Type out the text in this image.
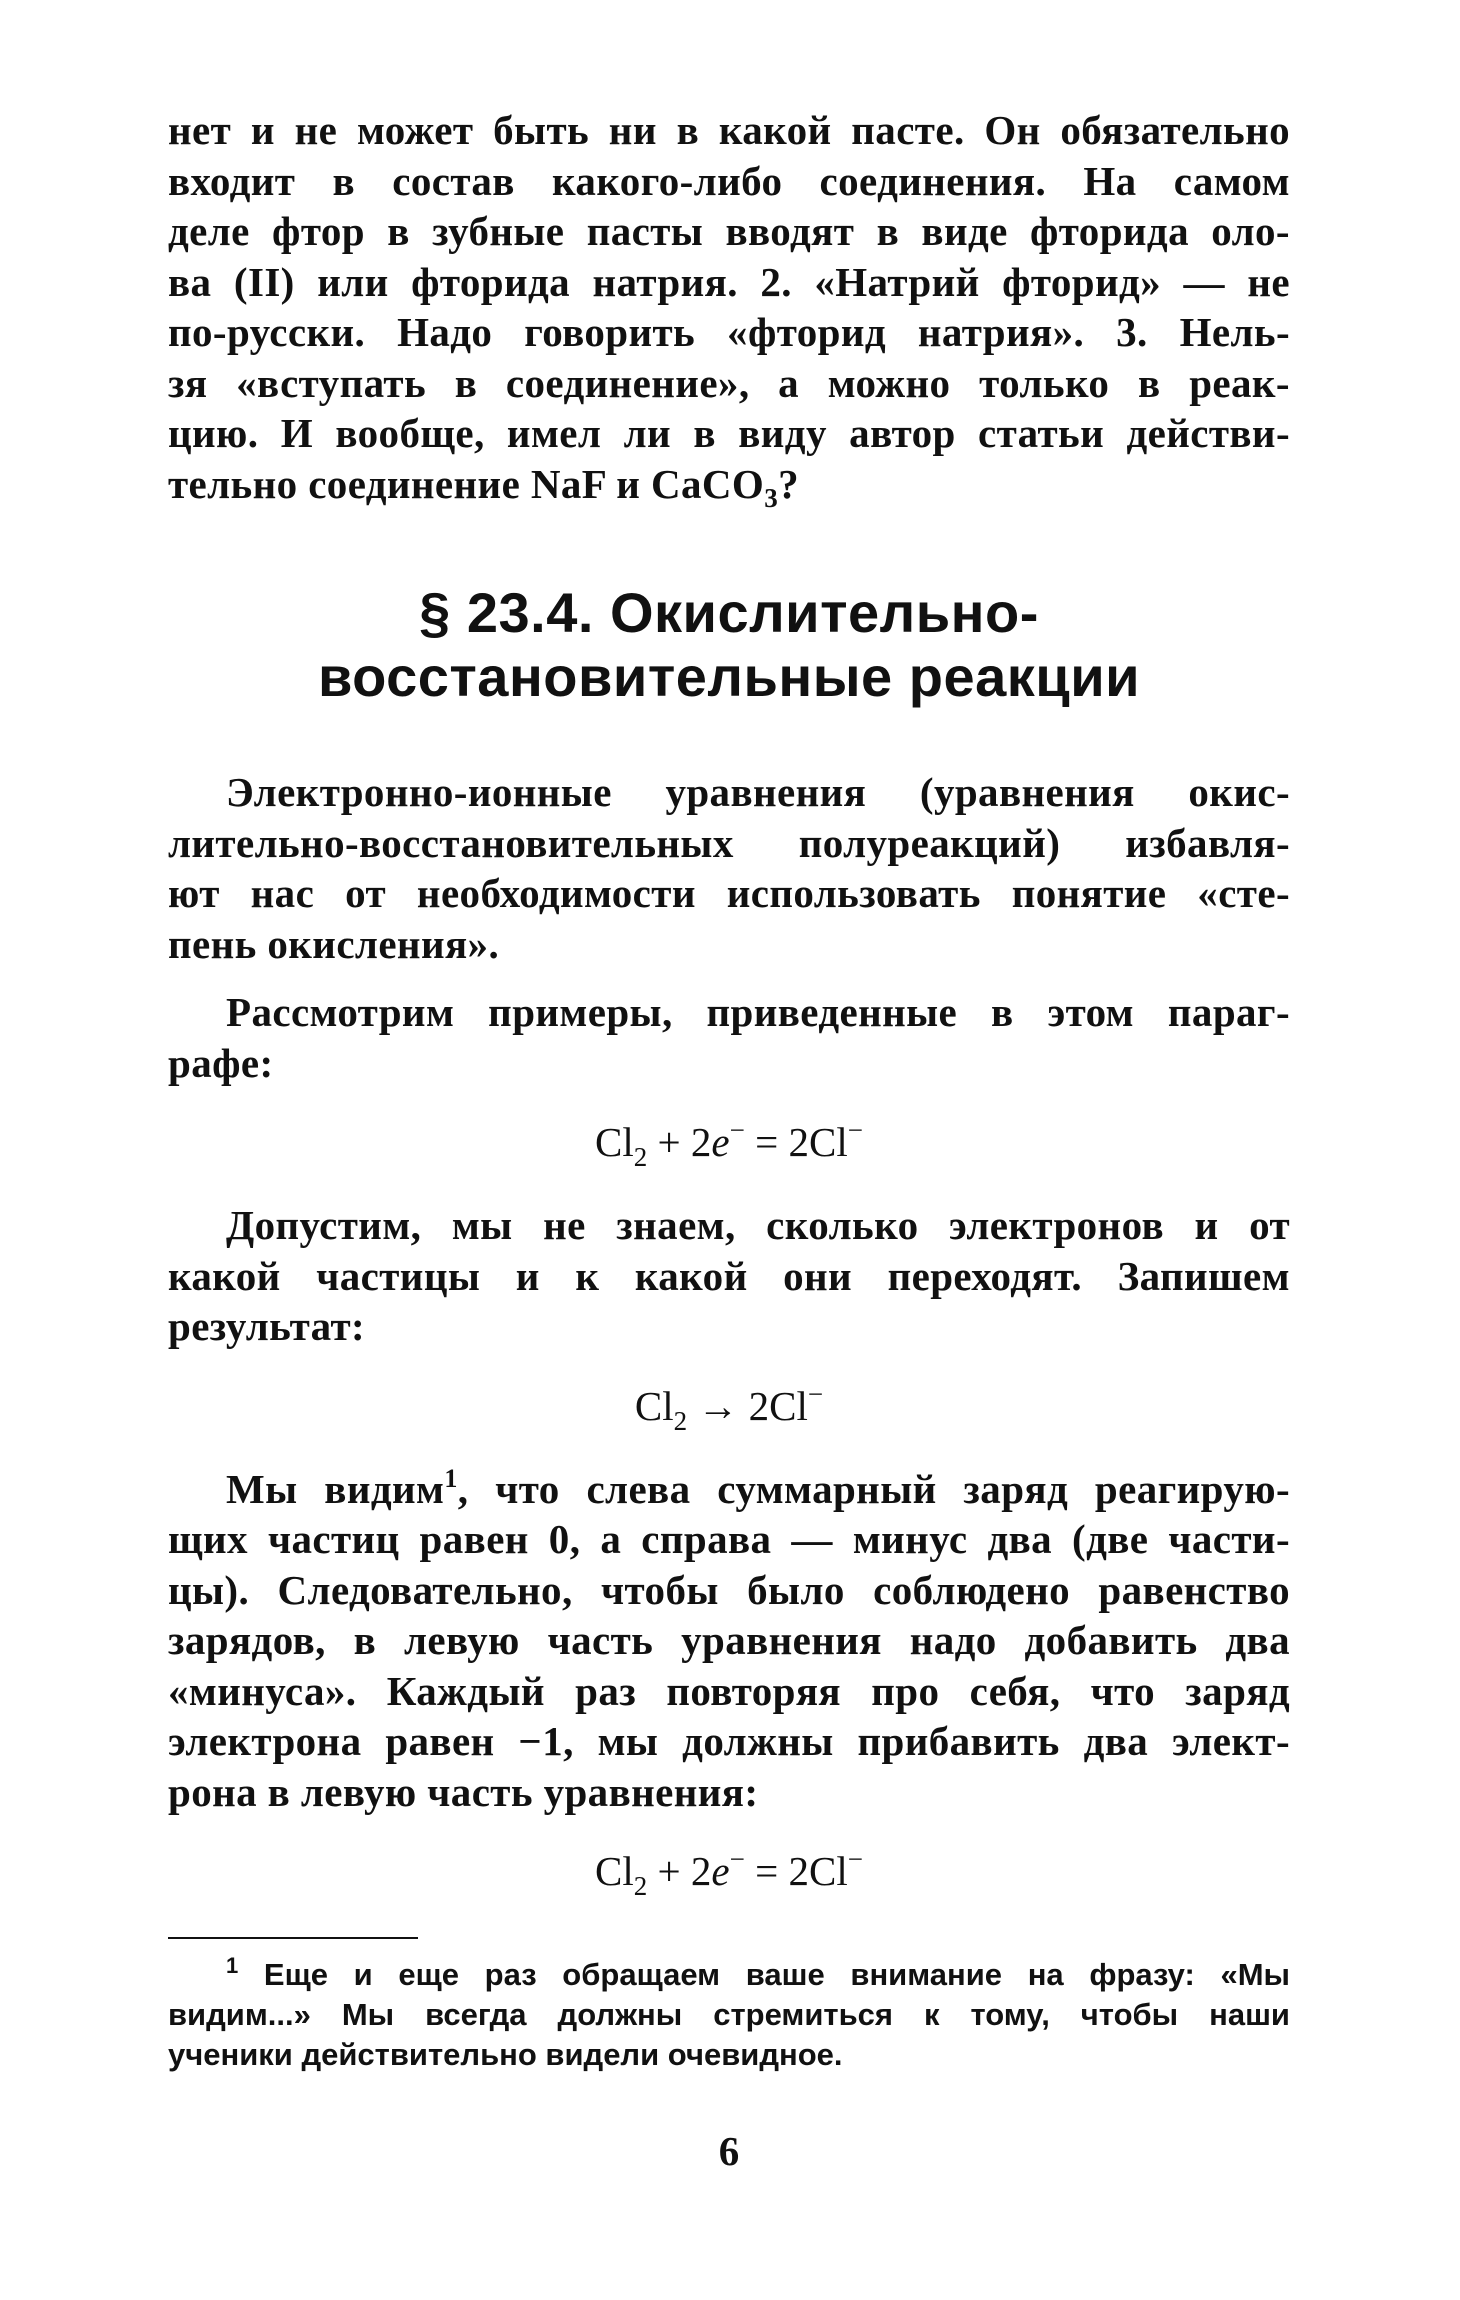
нет и не может быть ни в какой пасте. Он обязательно
входит в состав какого-либо соединения. На самом
деле фтор в зубные пасты вводят в виде фторида оло-
ва (II) или фторида натрия. 2. «Натрий фторид» — не
по-русски. Надо говорить «фторид натрия». 3. Нель-
зя «вступать в соединение», а можно только в реак-
цию. И вообще, имел ли в виду автор статьи действи-
тельно соединение NaF и CaCO$_3$?

§ 23.4. Окислительно-
восстановительные реакции

Электронно-ионные уравнения (уравнения окис-
лительно-восстановительных полуреакций) избавля-
ют нас от необходимости использовать понятие «сте-
пень окисления».

Рассмотрим примеры, приведенные в этом параг-
рафе:

$Cl_2 + 2e^- = 2Cl^-$

Допустим, мы не знаем, сколько электронов и от
какой частицы и к какой они переходят. Запишем
результат:

$Cl_2 \to 2Cl^-$

Мы видим$^1$, что слева суммарный заряд реагирую-
щих частиц равен 0, а справа — минус два (две части-
цы). Следовательно, чтобы было соблюдено равенство
зарядов, в левую часть уравнения надо добавить два
«минуса». Каждый раз повторяя про себя, что заряд
электрона равен −1, мы должны прибавить два элект-
рона в левую часть уравнения:

$Cl_2 + 2e^- = 2Cl^-$

$^1$ Еще и еще раз обращаем ваше внимание на фразу: «Мы
видим...» Мы всегда должны стремиться к тому, чтобы наши
ученики действительно видели очевидное.

6
